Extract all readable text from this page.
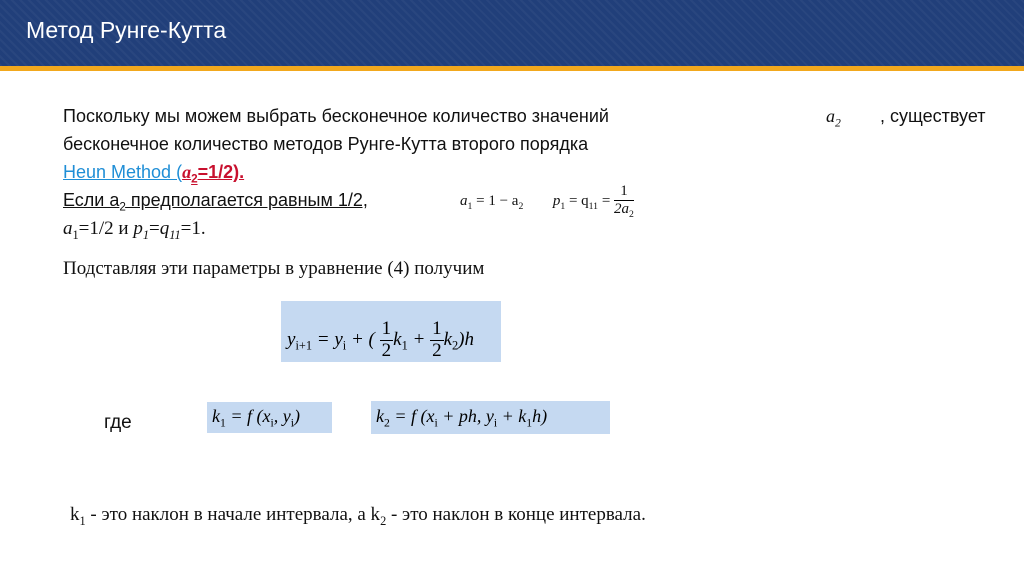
Метод Рунге-Кутта
Поскольку мы можем выбрать бесконечное количество значений	$a_2$ , существует
бесконечное количество методов Рунге-Кутта второго порядка
Heun Method $(a_2=1/2)$.
Если $a_2$ предполагается равным 1/2,
$a_1=1/2$ и $p_1=q_{11}=1$.
$a_1 = 1 - a_2$ $p_1 = q_{11} = \frac{1}{2a_2}$
Подставляя эти параметры в уравнение (4) получим
$y_{i+1} = y_i$ + ( $\frac{1}{2} k_1 + \frac{1}{2} k_2)h$
где	$k_1 = f$ ($x_i$, $y_i$)	$k_2 = f$ ($x_i$ + ph, $y_i + k_1h$)
$k_1$ - это наклон в начале интервала, а $k_2$ - это наклон в конце интервала.
